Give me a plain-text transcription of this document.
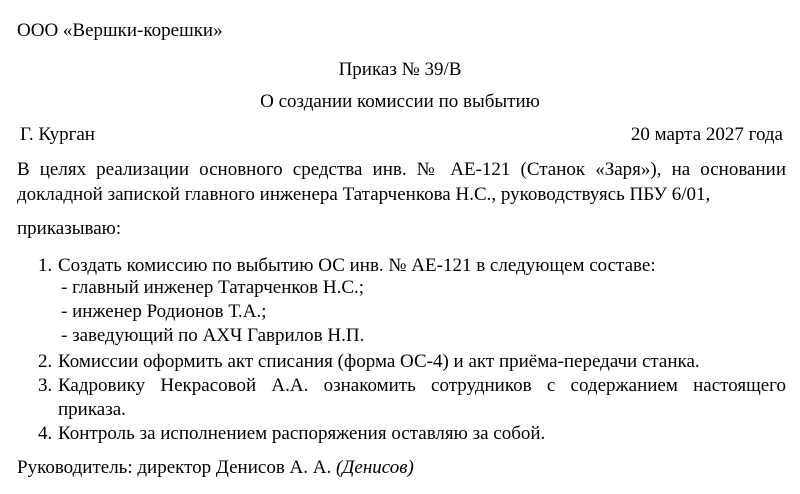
ООО «Вершки-корешки»
Приказ № 39/В
О создании комиссии по выбытию
Г. Курган	20 марта 2027 года
В целях реализации основного средства инв. № АЕ-121 (Станок «Заря»), на основании докладной запиской главного инженера Татарченкова Н.С., руководствуясь ПБУ 6/01,
приказываю:
1. Создать комиссию по выбытию ОС инв. № АЕ-121 в следующем составе:
- главный инженер Татарченков Н.С.;
- инженер Родионов Т.А.;
- заведующий по АХЧ Гаврилов Н.П.
2. Комиссии оформить акт списания (форма ОС-4) и акт приёма-передачи станка.
3. Кадровику Некрасовой А.А. ознакомить сотрудников с содержанием настоящего
приказа.
4. Контроль за исполнением распоряжения оставляю за собой.
Руководитель: директор Денисов А. А. (Денисов)
